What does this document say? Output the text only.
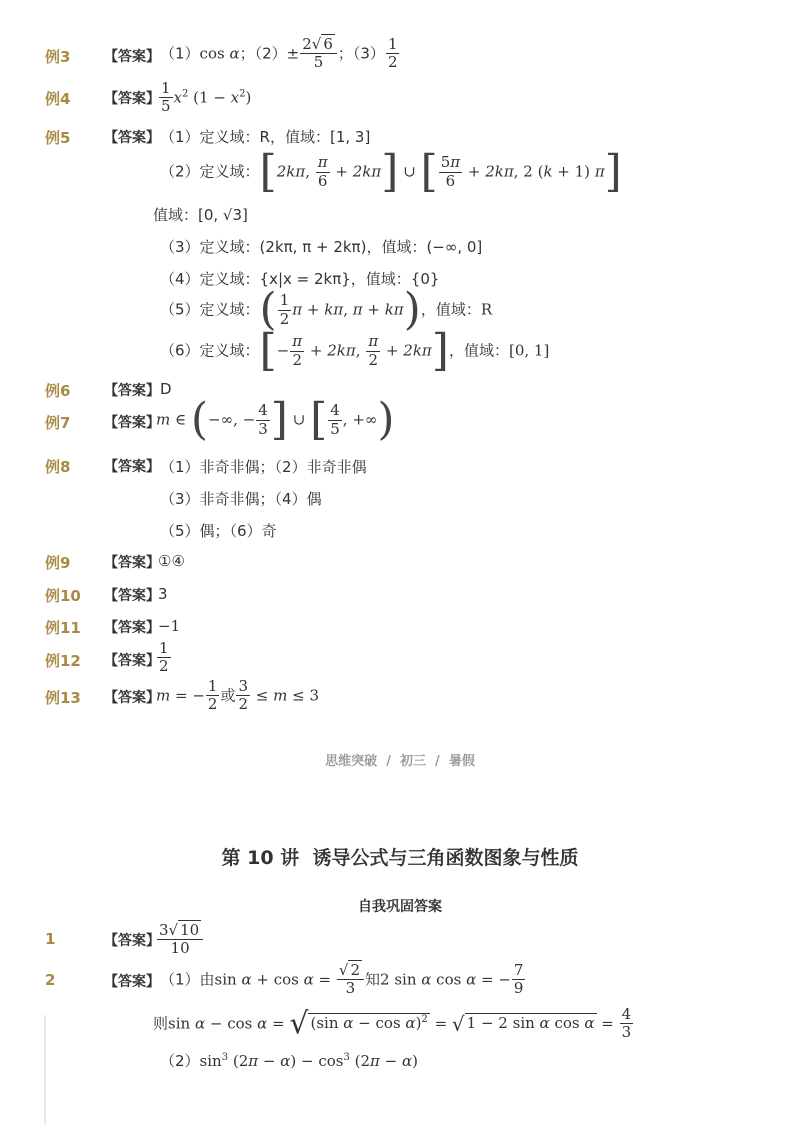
例3 【答案】 （1）cos α；$(2)\pm \frac{2√ 6}{5}$ ；$(3) \frac{1}{2}$
例4 【答案】 $\frac{1}{5} x^2$ $(1 - x^2)$
例5 【答案】 （1）定义域：R，值域：[1, 3]
（2）定义域：[2kπ, $\frac{\pi}{6} + 2k\pi$] ∪ [ $\frac{5\pi}{6} + 2k\pi$, 2 (k + 1) π]
值域：[0, √3]
（3）定义域：(2kπ, π + 2kπ)，值域：(−∞, 0]
（4）定义域：{x|x = 2kπ}，值域：{0}
（5）定义域：( $\frac{1}{2}$ π + kπ, π + kπ)，值域：R
（6）定义域：[− $\frac{\pi}{2} + 2k\pi$, $\frac{\pi}{2} + 2k\pi$]，值域：[0, 1]
例6 【答案】 D
例7 【答案】
m ∈ (−∞, − $\frac{4}{3}$ ] ∪ [ $\frac{4}{5}$ , +∞)
例8 【答案】 （1）非奇非偶；（2）非奇非偶
（3）非奇非偶；（4）偶
（5）偶；（6）奇
例9 【答案】
①④
例10 【答案】
3
例11 【答案】
−1
例12 【答案】
$\frac{1}{2}$
例13 【答案】
m = − $\frac{1}{2}$ 或 $\frac{3}{2} \le m \le 3$
思维突破  /  初三  /  暑假
第 10 讲  诱导公式与三角函数图象与性质
自我巩固答案
1	【答案】
$\frac{3√ 10}{10}$
2	【答案】 （1）由$\sin \alpha + \cos \alpha = \frac{√ 2}{3}$ 知2 sin α cos α = − $\frac{7}{9}$
则sin α − cos α = √ (sin α − cos α)$^2$ = √ 1 − 2 sin α $\cos \alpha = \frac{4}{3}$
$(2)\sin^3$ $(2\pi - \alpha) - \cos^3 (2\pi - \alpha)$
